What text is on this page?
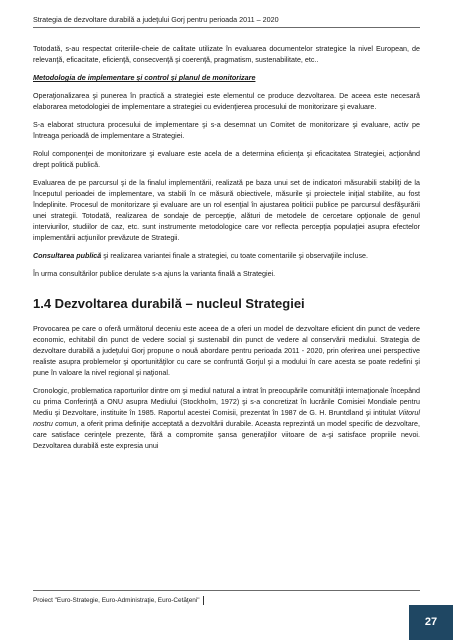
Strategia de dezvoltare durabilă a judeţului Gorj pentru perioada 2011 – 2020

Totodată, s-au respectat criteriile-cheie de calitate utilizate în evaluarea documentelor strategice la nivel European, de relevanţă, eficacitate, eficienţă, consecvenţă şi coerenţă, pragmatism, sustenabilitate, etc..

Metodologia de implementare şi control şi planul de monitorizare

Operaţionalizarea şi punerea în practică a strategiei este elementul ce produce dezvoltarea. De aceea este necesară elaborarea metodologiei de implementare a strategiei cu evidenţierea procesului de monitorizare şi evaluare.

S-a elaborat structura procesului de implementare şi s-a desemnat un Comitet de monitorizare şi evaluare, activ pe întreaga perioadă de implementare a Strategiei.

Rolul componenţei de monitorizare şi evaluare este acela de a determina eficienţa şi eficacitatea Strategiei, acţionând drept politică publică.

Evaluarea de pe parcursul şi de la finalul implementării, realizată pe baza unui set de indicatori măsurabili stabiliţi de la începutul perioadei de implementare, va stabili în ce măsură obiectivele, măsurile şi proiectele iniţial stabilite, au fost îndeplinite. Procesul de monitorizare şi evaluare are un rol esenţial în ajustarea politicii publice pe parcursul desfăşurării unei strategii. Totodată, realizarea de sondaje de percepţie, alături de metodele de cercetare opţionale de genul interviurilor, studiilor de caz, etc. sunt instrumente metodologice care vor reflecta percepţia populaţiei asupra efectelor implementării acţiunilor prevăzute de Strategii.

Consultarea publică şi realizarea variantei finale a strategiei, cu toate comentariile şi observaţiile incluse.

În urma consultărilor publice derulate s-a ajuns la varianta finală a Strategiei.

1.4 Dezvoltarea durabilă – nucleul Strategiei

Provocarea pe care o oferă următorul deceniu este aceea de a oferi un model de dezvoltare eficient din punct de vedere economic, echitabil din punct de vedere social şi sustenabil din punct de vedere al conservării mediului. Strategia de dezvoltare durabilă a judeţului Gorj propune o nouă abordare pentru perioada 2011 - 2020, prin oferirea unei perspective realiste asupra problemelor şi oportunităţilor cu care se confruntă Gorjul şi a modului în care acesta se poate redefini şi pune în valoare la nivel regional şi naţional.

Cronologic, problematica raporturilor dintre om şi mediul natural a intrat în preocupările comunităţii internaţionale începând cu prima Conferinţă a ONU asupra Mediului (Stockholm, 1972) şi s-a concretizat în lucrările Comisiei Mondiale pentru Mediu şi Dezvoltare, instituite în 1985. Raportul acestei Comisii, prezentat în 1987 de G. H. Bruntdland şi intitulat Viitorul nostru comun, a oferit prima definiţie acceptată a dezvoltării durabile. Aceasta reprezintă un model specific de dezvoltare, care satisface cerinţele prezente, fără a compromite şansa generaţiilor viitoare de a-şi satisface propriile nevoi. Dezvoltarea durabilă este expresia unui

Proiect "Euro-Strategie, Euro-Administraţie, Euro-Cetăţeni"
27
